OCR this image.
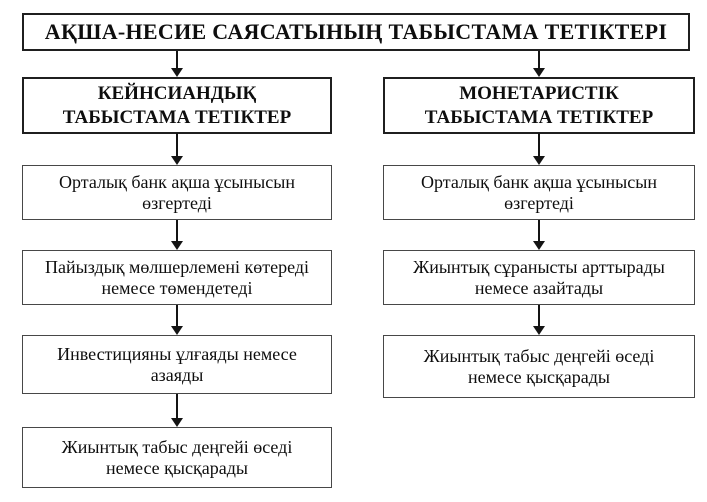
АҚША-НЕСИЕ САЯСАТЫНЫҢ ТАБЫСТАМА ТЕТІКТЕРІ
КЕЙНСИАНДЫҚ
ТАБЫСТАМА ТЕТІКТЕР
МОНЕТАРИСТІК
ТАБЫСТАМА ТЕТІКТЕР
Орталық банк ақша ұсынысын
өзгертеді
Пайыздық мөлшерлемені көтереді
немесе төмендетеді
Инвестицияны ұлғаяды немесе
азаяды
Жиынтық табыс деңгейі өседі
немесе қысқарады
Орталық банк ақша ұсынысын
өзгертеді
Жиынтық сұранысты арттырады
немесе азайтады
Жиынтық табыс деңгейі өседі
немесе қысқарады
